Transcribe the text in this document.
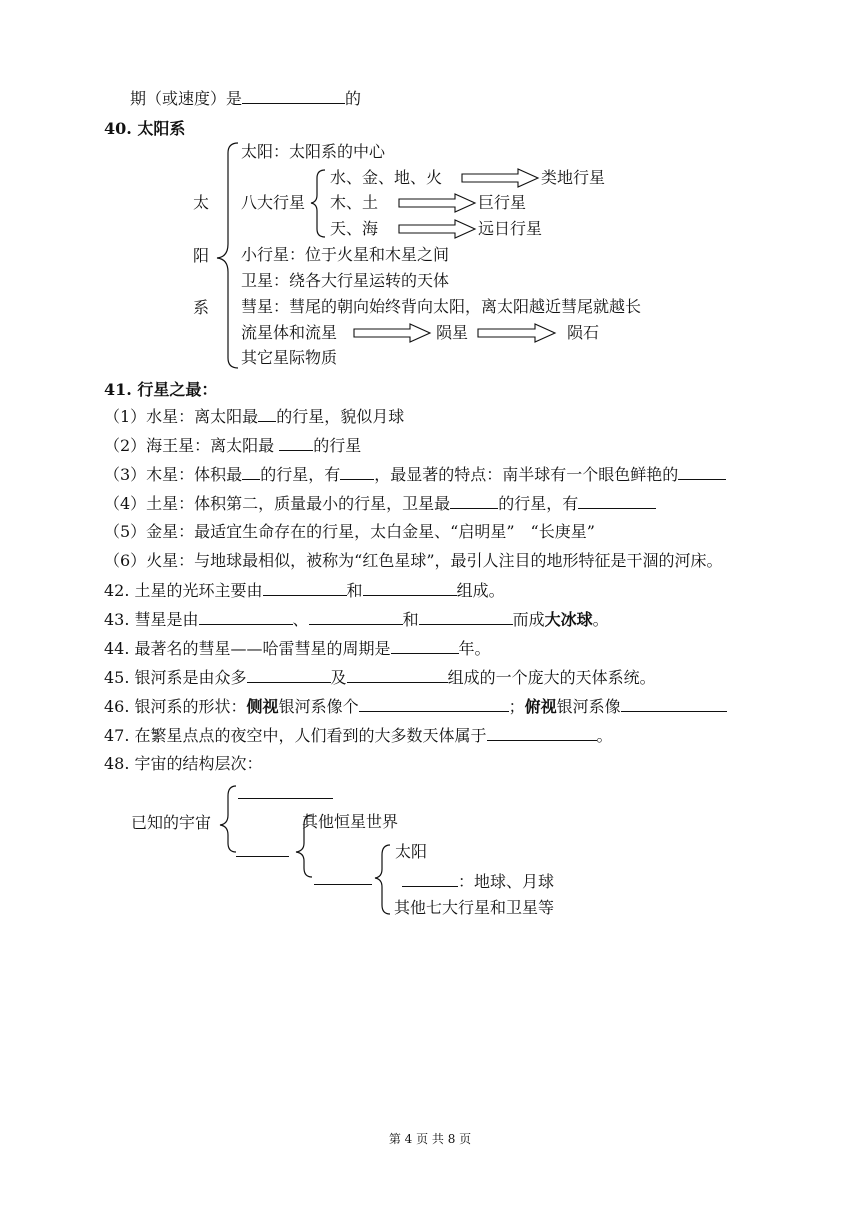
期（或速度）是	的
40. 太阳系
太
阳
系
太阳：太阳系的中心
八大行星
水、金、地、火	类地行星
木、土	巨行星
天、海	远日行星
小行星：位于火星和木星之间
卫星：绕各大行星运转的天体
彗星：彗尾的朝向始终背向太阳，离太阳越近彗尾就越长
流星体和流星	陨星	陨石
其它星际物质
41. 行星之最：
（1）水星：离太阳最 的行星，貌似月球
（2）海王星：离太阳最 的行星
（3）木星：体积最 的行星，有 ，最显著的特点：南半球有一个眼色鲜艳的
（4）土星：体积第二，质量最小的行星，卫星最	的行星，有
（5）金星：最适宜生命存在的行星，太白金星、“启明星”　“长庚星”
（6）火星：与地球最相似，被称为“红色星球”，最引人注目的地形特征是干涸的河床。
42. 土星的光环主要由	和	组成。
43. 彗星是由	、	和	而成大冰球。
44. 最著名的彗星——哈雷彗星的周期是	年。
45. 银河系是由众多	及	组成的一个庞大的天体系统。
46. 银河系的形状：侧视银河系像个	；俯视银河系像
47. 在繁星点点的夜空中，人们看到的大多数天体属于	。
48. 宇宙的结构层次：
已知的宇宙	其他恒星世界
太阳
：地球、月球
其他七大行星和卫星等
第 4 页 共 8 页
